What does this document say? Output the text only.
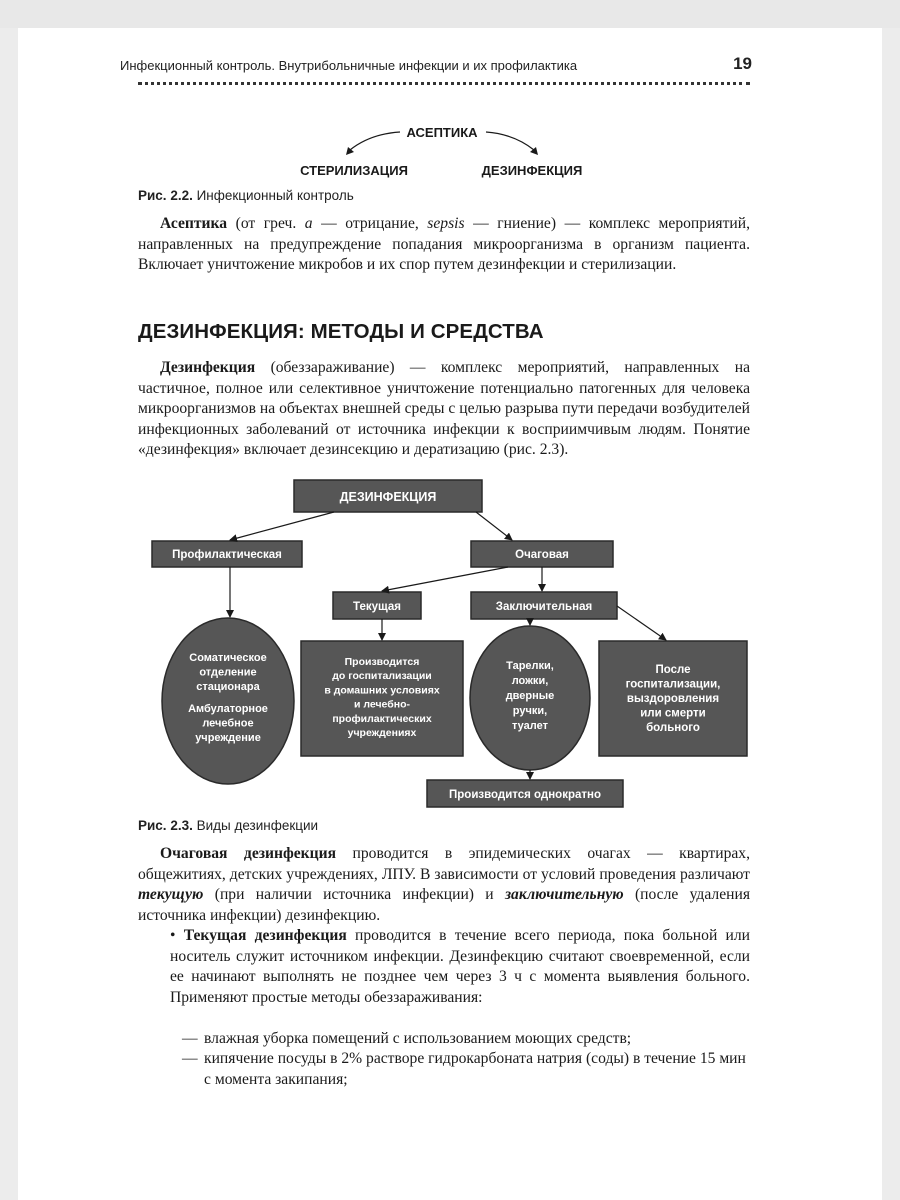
Инфекционный контроль. Внутрибольничные инфекции и их профилактика	19
АСЕПТИКА
СТЕРИЛИЗАЦИЯ	ДЕЗИНФЕКЦИЯ
Рис. 2.2. Инфекционный контроль
Асептика (от греч. а — отрицание, sepsis — гниение) — комплекс мероприятий, направленных на предупреждение попадания микроорганизма в организм пациента. Включает уничтожение микробов и их спор путем дезинфекции и стерилизации.
ДЕЗИНФЕКЦИЯ: МЕТОДЫ И СРЕДСТВА
Дезинфекция (обеззараживание) — комплекс мероприятий, направленных на частичное, полное или селективное уничтожение потенциально патогенных для человека микроорганизмов на объектах внешней среды с целью разрыва пути передачи возбудителей инфекционных заболеваний от источника инфекции к восприимчивым людям. Понятие «дезинфекция» включает дезинсекцию и дератизацию (рис. 2.3).
ДЕЗИНФЕКЦИЯ
Профилактическая	Очаговая
Текущая	Заключительная
Производится однократно
Соматическое
отделение
стационара
Амбулаторное
лечебное
учреждение
Производится
до госпитализации
в домашних условиях
и лечебно-
профилактических
учреждениях
Тарелки,
ложки,
дверные
ручки,
туалет
После
госпитализации,
выздоровления
или смерти
больного
Рис. 2.3. Виды дезинфекции
Очаговая дезинфекция проводится в эпидемических очагах — квартирах, общежитиях, детских учреждениях, ЛПУ. В зависимости от условий проведения различают текущую (при наличии источника инфекции) и заключительную (после удаления источника инфекции) дезинфекцию.
• Текущая дезинфекция проводится в течение всего периода, пока больной или носитель служит источником инфекции. Дезинфекцию считают своевременной, если ее начинают выполнять не позднее чем через 3 ч с момента выявления больного. Применяют простые методы обеззараживания:
— влажная уборка помещений с использованием моющих средств;
— кипячение посуды в 2% растворе гидрокарбоната натрия (соды) в течение 15 мин с момента закипания;
